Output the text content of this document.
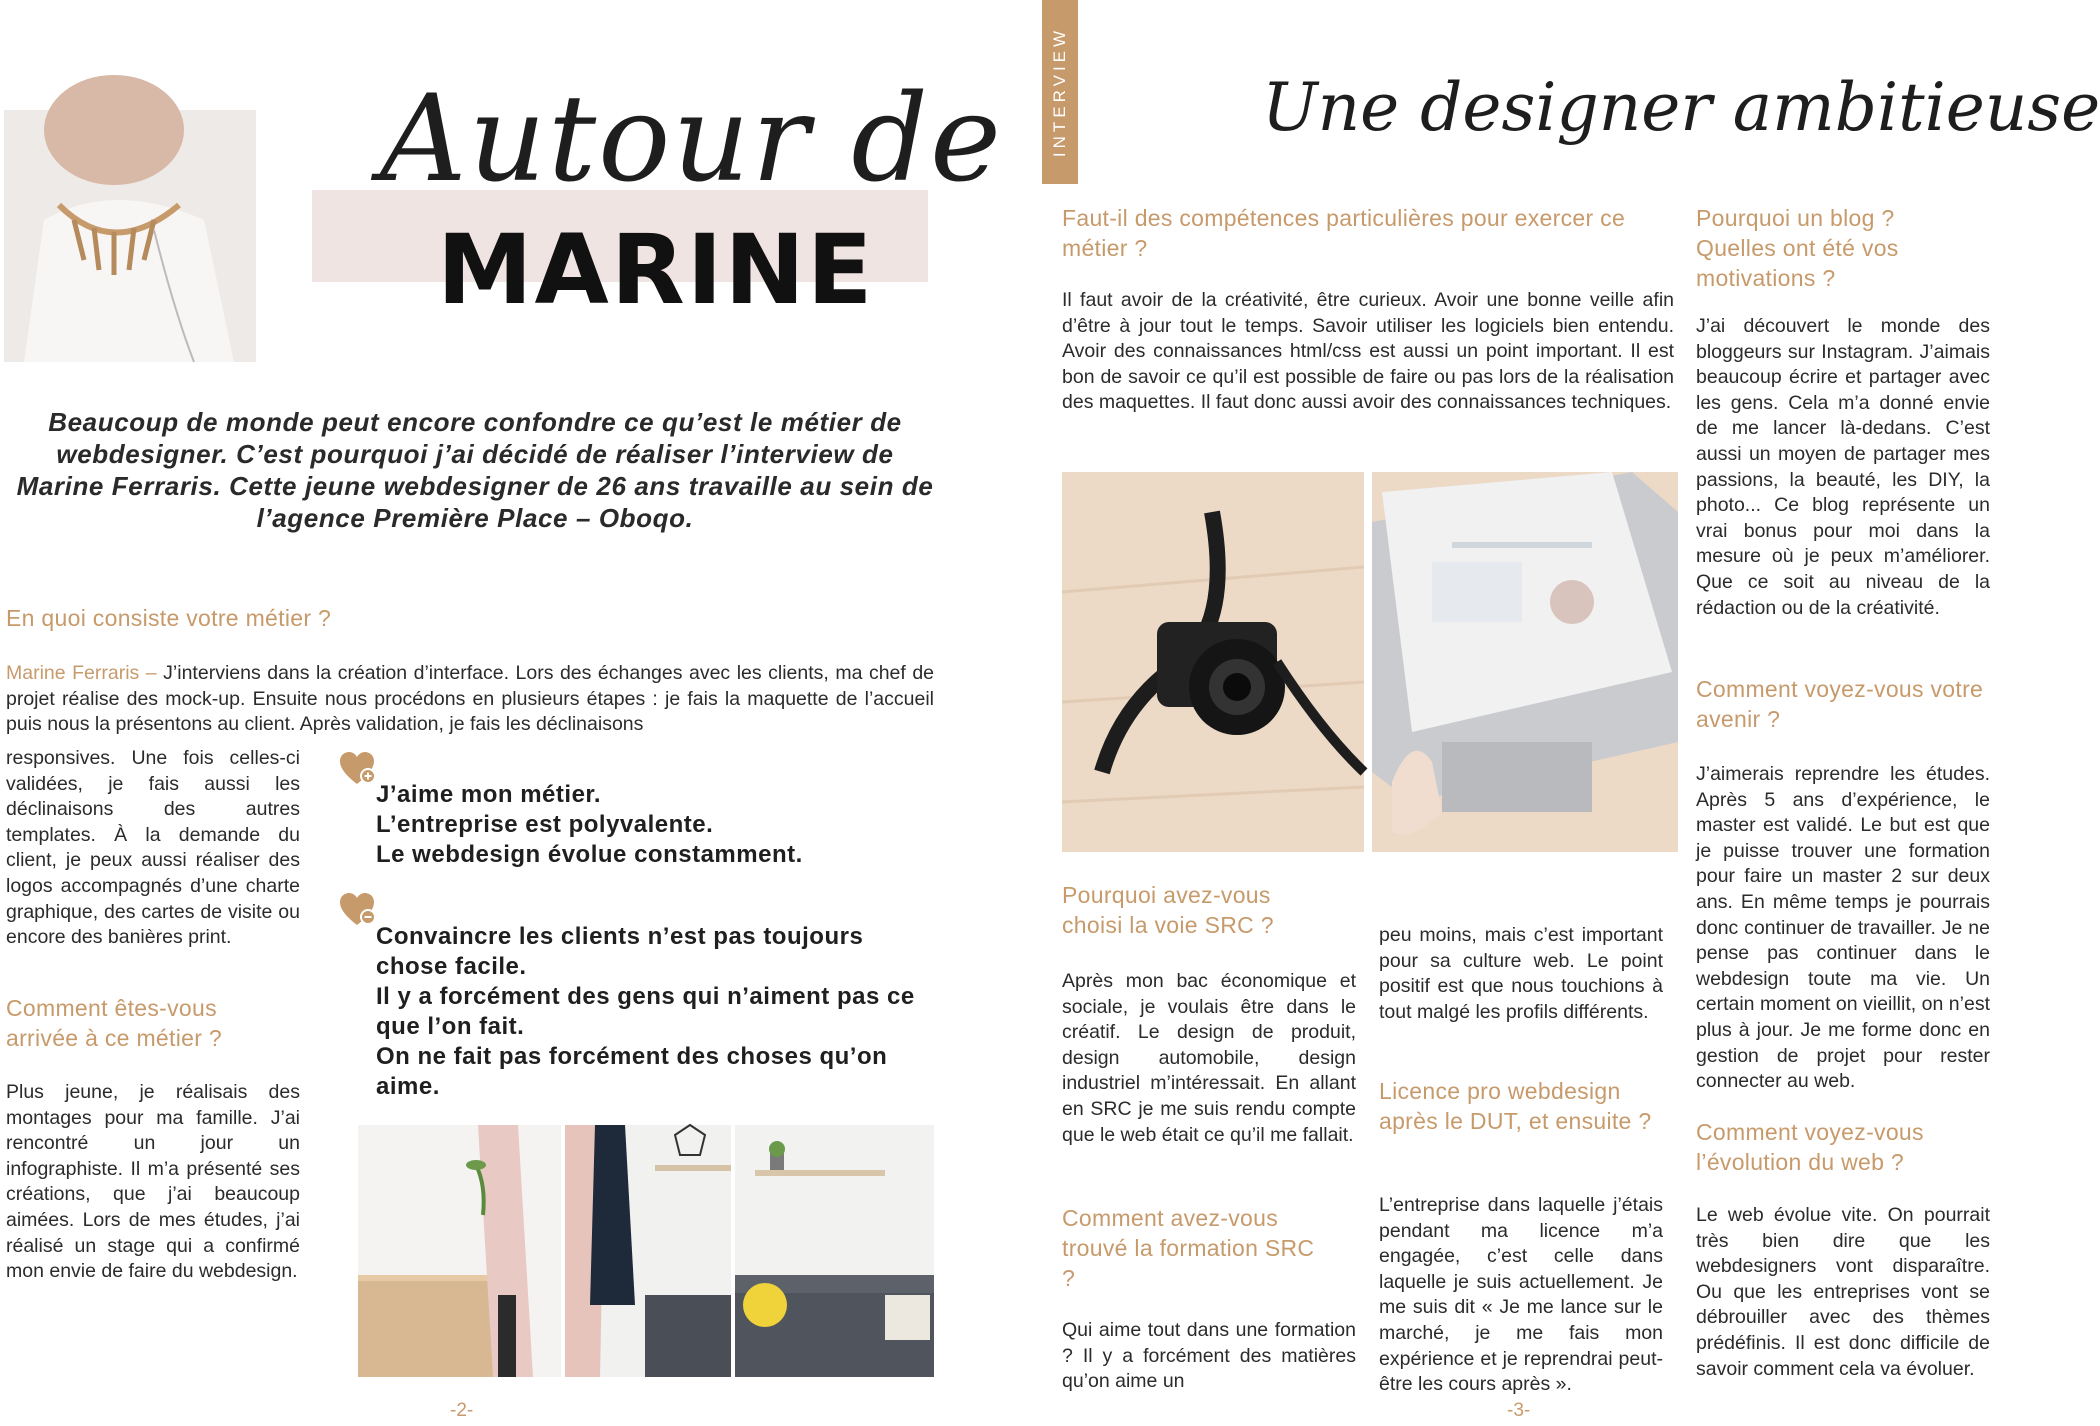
Autour de
MARINE
Beaucoup de monde peut encore confondre ce qu’est le métier de webdesigner. C’est pourquoi j’ai décidé de réaliser l’interview de Marine Ferraris. Cette jeune webdesigner de 26 ans travaille au sein de l’agence Première Place – Oboqo.
En quoi consiste votre métier ?
Marine Ferraris – J’interviens dans la création d’interface. Lors des échanges avec les clients, ma chef de projet réalise des mock-up. Ensuite nous procédons en plusieurs étapes : je fais la maquette de l’accueil puis nous la présentons au client. Après validation, je fais les déclinaisons
responsives. Une fois celles-ci validées, je fais aussi les déclinaisons des autres templates. À la demande du client, je peux aussi réaliser des logos accompagnés d’une charte graphique, des cartes de visite ou encore des banières print.
Comment êtes-vous arrivée à ce métier ?
Plus jeune, je réalisais des montages pour ma famille. J’ai rencontré un jour un infographiste. Il m’a présenté ses créations, que j’ai beaucoup aimées. Lors de mes études, j’ai réalisé un stage qui a confirmé mon envie de faire du webdesign.
J’aime mon métier.
L’entreprise est polyvalente.
Le webdesign évolue constamment.
Convaincre les clients n’est pas toujours chose facile.
Il y a forcément des gens qui n’aiment pas ce que l’on fait.
On ne fait pas forcément des choses qu’on aime.
-2-
INTERVIEW	Une designer ambitieuse
Faut-il des compétences particulières pour exercer ce métier ?
Il faut avoir de la créativité, être curieux. Avoir une bonne veille afin d’être à jour tout le temps. Savoir utiliser les logiciels bien entendu. Avoir des connaissances html/css est aussi un point important. Il est bon de savoir ce qu’il est possible de faire ou pas lors de la réalisation des maquettes. Il faut donc aussi avoir des connaissances techniques.
Pourquoi avez-vous choisi la voie SRC ?
Après mon bac économique et sociale, je voulais être dans le créatif. Le design de produit, design automobile, design industriel m’intéressait. En allant en SRC je me suis rendu compte que le web était ce qu’il me fallait.
Comment avez-vous trouvé la formation SRC ?
Qui aime tout dans une formation ? Il y a forcément des matières qu’on aime un
peu moins, mais c’est important pour sa culture web. Le point positif est que nous touchions à tout malgé les profils différents.
Licence pro webdesign après le DUT, et ensuite ?
L’entreprise dans laquelle j’étais pendant ma licence m’a engagée, c’est celle dans laquelle je suis actuellement. Je me suis dit « Je me lance sur le marché, je me fais mon expérience et je reprendrai peut-être les cours après ».
Pourquoi un blog ? Quelles ont été vos motivations ?
J’ai découvert le monde des bloggeurs sur Instagram. J’aimais beaucoup écrire et partager avec les gens. Cela m’a donné envie de me lancer là-dedans. C’est aussi un moyen de partager mes passions, la beauté, les DIY, la photo... Ce blog représente un vrai bonus pour moi dans la mesure où je peux m’améliorer. Que ce soit au niveau de la rédaction ou de la créativité.
Comment voyez-vous votre avenir ?
J’aimerais reprendre les études. Après 5 ans d’expérience, le master est validé. Le but est que je puisse trouver une formation pour faire un master 2 sur deux ans. En même temps je pourrais donc continuer de travailler. Je ne pense pas continuer dans le webdesign toute ma vie. Un certain moment on vieillit, on n’est plus à jour. Je me forme donc en gestion de projet pour rester connecter au web.
Comment voyez-vous l’évolution du web ?
Le web évolue vite. On pourrait très bien dire que les webdesigners vont disparaître. Ou que les entreprises vont se débrouiller avec des thèmes prédéfinis. Il est donc difficile de savoir comment cela va évoluer.
-3-
